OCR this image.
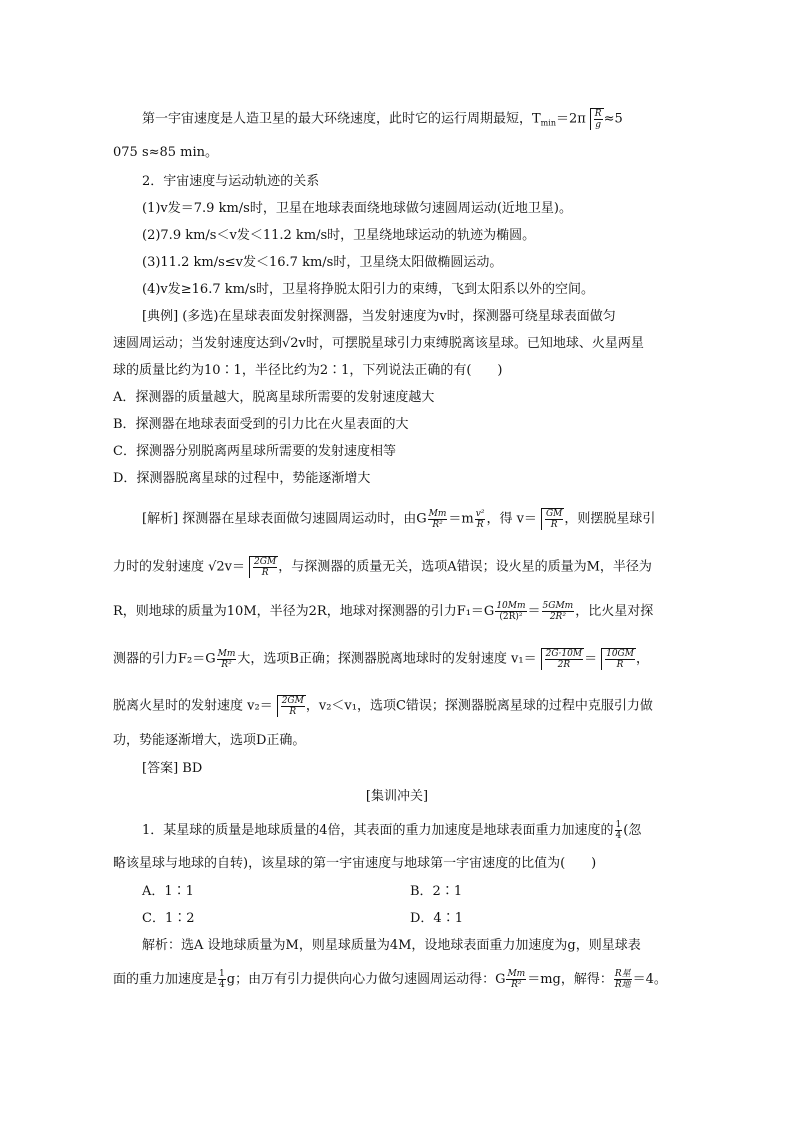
第一宇宙速度是人造卫星的最大环绕速度，此时它的运行周期最短，$T_{min}=2\pi \frac{R}{g} \approx 5$
075 s≈85 min。
2．宇宙速度与运动轨迹的关系
(1)v发＝7.9 km/s时，卫星在地球表面绕地球做匀速圆周运动(近地卫星)。
(2)7.9 km/s＜v发＜11.2 km/s时，卫星绕地球运动的轨迹为椭圆。
(3)11.2 km/s≤v发＜16.7 km/s时，卫星绕太阳做椭圆运动。
(4)v发≥16.7 km/s时，卫星将挣脱太阳引力的束缚，飞到太阳系以外的空间。
[典例] (多选)在星球表面发射探测器，当发射速度为v时，探测器可绕星球表面做匀
速圆周运动；当发射速度达到√2v时，可摆脱星球引力束缚脱离该星球。已知地球、火星两星
球的质量比约为10∶1，半径比约为2∶1，下列说法正确的有(　　)
A．探测器的质量越大，脱离星球所需要的发射速度越大
B．探测器在地球表面受到的引力比在火星表面的大
C．探测器分别脱离两星球所需要的发射速度相等
D．探测器脱离星球的过程中，势能逐渐增大
[解析] 探测器在星球表面做匀速圆周运动时，由G $\frac{Mm}{\text{R²}} =m \frac{\text{v²}}{R}$ ，得 $v= \frac{GM}{R}$ ，则摆脱星球引
力时的发射速度 $√2v= \frac{2GM}{R}$ ，与探测器的质量无关，选项A错误；设火星的质量为M，半径为
R，则地球的质量为10M，半径为2R，地球对探测器的引力$F_1=G \frac{10Mm}{\text{(2R)²}} = \frac{\text{5GMm}}{\text{2R²}}$ ，比火星对探
测器的引力$F_2=G \frac{Mm}{\text{R²}}$ 大，选项B正确；探测器脱离地球时的发射速度 $v_1= \frac{2G\cdot 10M}{2R} = \frac{10GM}{R}$ ，
脱离火星时的发射速度 $v_2= \frac{2GM}{R}$ ，v₂＜v₁，选项C错误；探测器脱离星球的过程中克服引力做
功，势能逐渐增大，选项D正确。
[答案] BD
[集训冲关]
1．某星球的质量是地球质量的4倍，其表面的重力加速度是地球表面重力加速度的 $\frac{1}{4}$ (忽
略该星球与地球的自转)，该星球的第一宇宙速度与地球第一宇宙速度的比值为(　　)
A．1∶1	B．2∶1
C．1∶2	D．4∶1
解析：选A 设地球质量为M，则星球质量为4M，设地球表面重力加速度为g，则星球表
面的重力加速度是 $\frac{1}{4}$ g；由万有引力提供向心力做匀速圆周运动得：G $\frac{Mm}{\text{R²}} =mg$，解得： $\frac{\text{R星}}{\text{R地}} =4$。
